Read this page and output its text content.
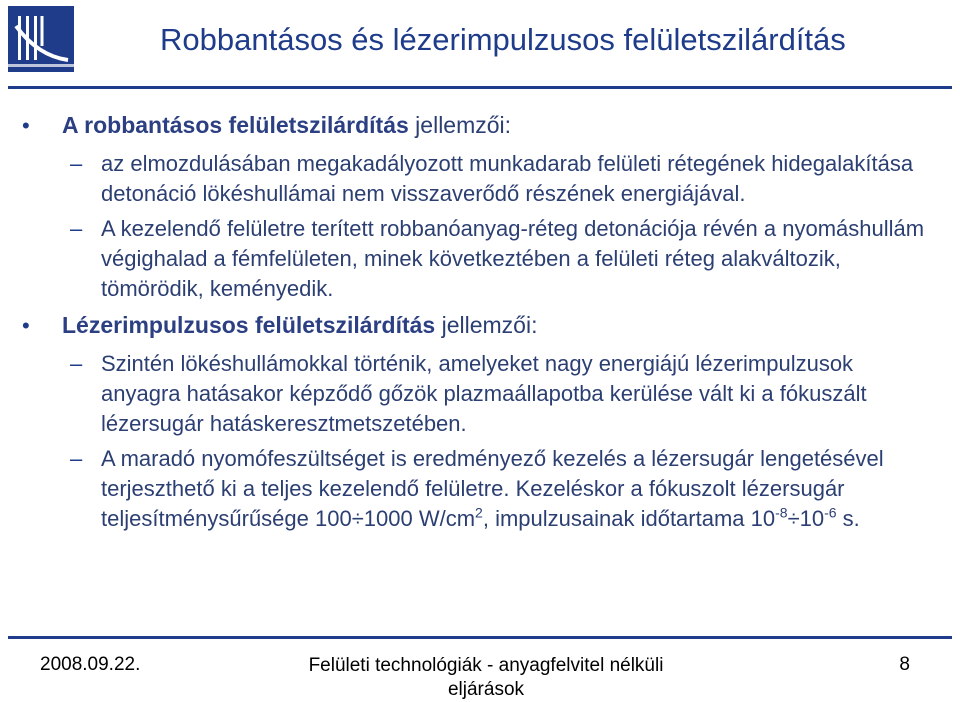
Robbantásos és lézerimpulzusos felületszilárdítás
• A robbantásos felületszilárdítás jellemzői:
– az elmozdulásában megakadályozott munkadarab felületi rétegének hidegalakítása detonáció lökéshullámai nem visszaverődő részének energiájával.
– A kezelendő felületre terített robbanóanyag-réteg detonációja révén a nyomáshullám végighalad a fémfelületen, minek következtében a felületi réteg alakváltozik, tömörödik, keményedik.
• Lézerimpulzusos felületszilárdítás jellemzői:
– Szintén lökéshullámokkal történik, amelyeket nagy energiájú lézerimpulzusok anyagra hatásakor képződő gőzök plazmaállapotba kerülése vált ki a fókuszált lézersugár hatáskeresztmetszetében.
– A maradó nyomófeszültséget is eredményező kezelés a lézersugár lengetésével terjeszthető ki a teljes kezelendő felületre. Kezeléskor a fókuszolt lézersugár teljesítménysűrűsége 100÷1000 $W/cm^2$, impulzusainak időtartama $10^{-8}\div 10^{-6}$ s.
2008.09.22.	Felületi technológiák - anyagfelvitel nélküli eljárások
8
